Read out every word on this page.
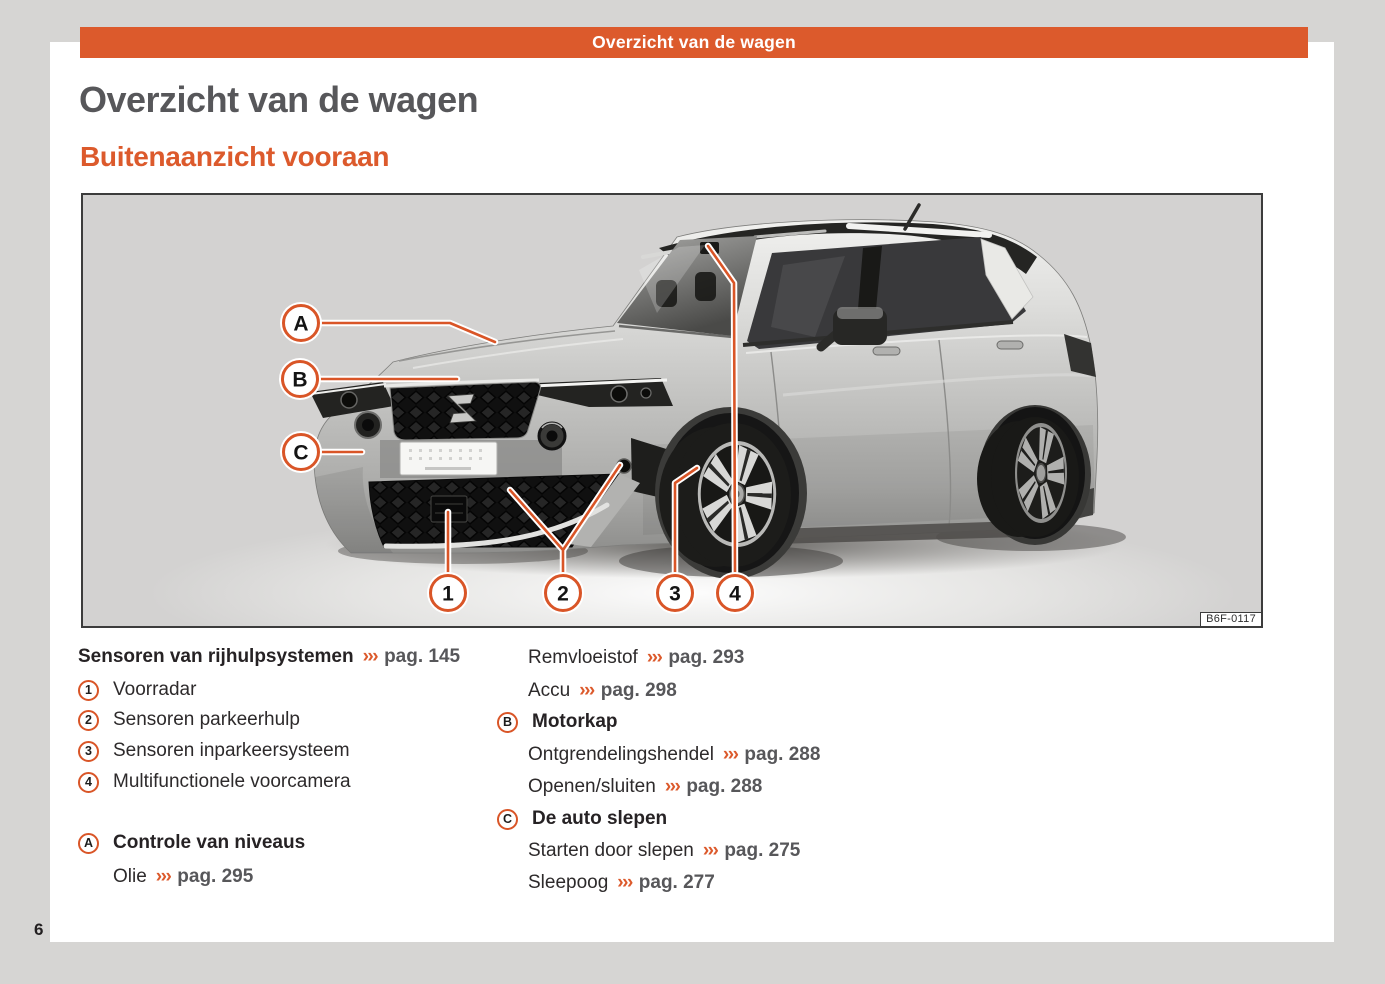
6
Overzicht van de wagen
Overzicht van de wagen
Buitenaanzicht vooraan
A
B
C
1	2	3 4
B6F-0117
Sensoren van rijhulpsystemen ››› pag. 145
1	Voorradar
2	Sensoren parkeerhulp
3	Sensoren inparkeersysteem
4	Multifunctionele voorcamera
A	Controle van niveaus
Olie ››› pag. 295
Remvloeistof ››› pag. 293
Accu ››› pag. 298
B	Motorkap
Ontgrendelingshendel ››› pag. 288
Openen/sluiten ››› pag. 288
C	De auto slepen
Starten door slepen ››› pag. 275
Sleepoog ››› pag. 277
